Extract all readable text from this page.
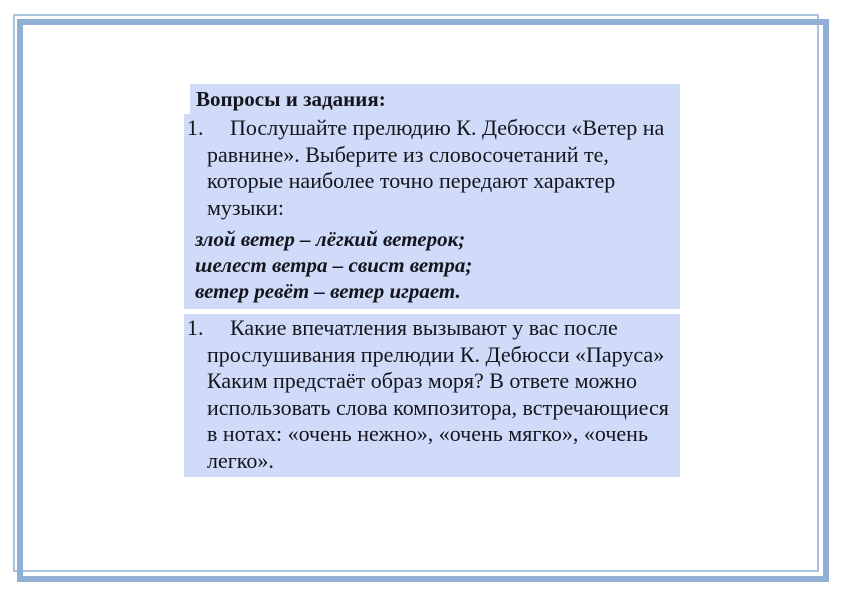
Вопросы и задания:
1.	Послушайте прелюдию К. Дебюсси «Ветер на
равнине». Выберите из словосочетаний те,
которые наиболее точно передают характер
музыки:
злой ветер – лёгкий ветерок;
шелест ветра – свист ветра;
ветер ревёт – ветер играет.
1.	Какие впечатления вызывают у вас после
прослушивания прелюдии К. Дебюсси «Паруса»
Каким предстаёт образ моря? В ответе можно
использовать слова композитора, встречающиеся
в нотах: «очень нежно», «очень мягко», «очень
легко».
